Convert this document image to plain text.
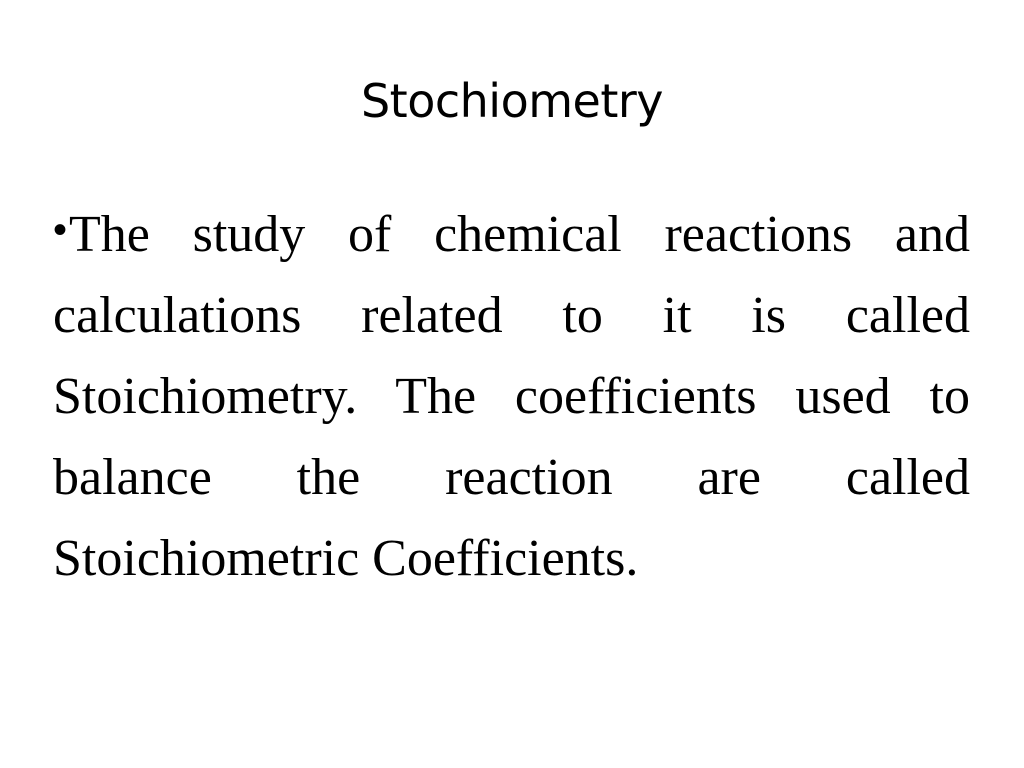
Stochiometry
•The study of chemical reactions and calculations related to it is called Stoichiometry. The coefficients used to balance the reaction are called Stoichiometric Coefficients.
